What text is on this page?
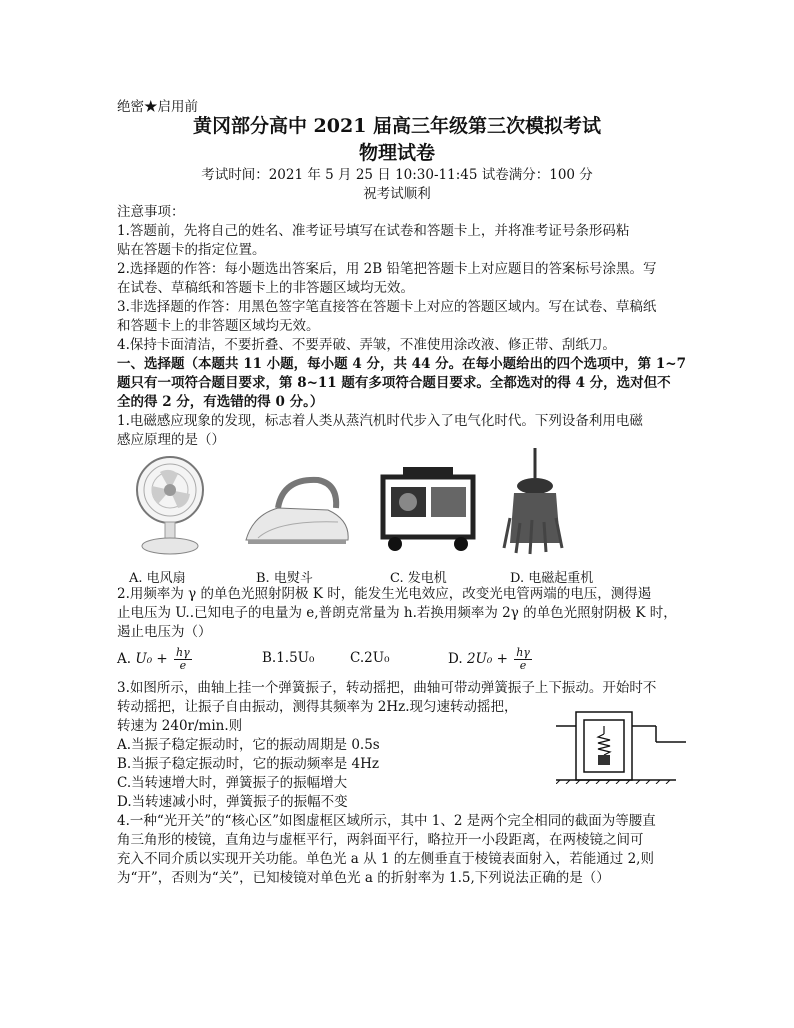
绝密★启用前
黄冈部分高中 2021 届高三年级第三次模拟考试
物理试卷
考试时间：2021 年 5 月 25 日 10:30-11:45 试卷满分：100 分
祝考试顺利
注意事项：
1.答题前，先将自己的姓名、准考证号填写在试卷和答题卡上，并将准考证号条形码粘
贴在答题卡的指定位置。
2.选择题的作答：每小题选出答案后，用 2B 铅笔把答题卡上对应题目的答案标号涂黑。写
在试卷、草稿纸和答题卡上的非答题区域均无效。
3.非选择题的作答：用黑色签字笔直接答在答题卡上对应的答题区域内。写在试卷、草稿纸
和答题卡上的非答题区域均无效。
4.保持卡面清洁，不要折叠、不要弄破、弄皱，不准使用涂改液、修正带、刮纸刀。
一、选择题（本题共 11 小题，每小题 4 分，共 44 分。在每小题给出的四个选项中，第 1~7
题只有一项符合题目要求，第 8~11 题有多项符合题目要求。全都选对的得 4 分，选对但不
全的得 2 分，有选错的得 0 分。）
1.电磁感应现象的发现，标志着人类从蒸汽机时代步入了电气化时代。下列设备利用电磁
感应原理的是（）
A. 电风扇	B. 电熨斗	C. 发电机	D. 电磁起重机
2.用频率为 γ 的单色光照射阴极 K 时，能发生光电效应，改变光电管两端的电压，测得遏
止电压为 U..已知电子的电量为 e,普朗克常量为 h.若换用频率为 2γ 的单色光照射阴极 K 时，
遏止电压为（）
A. $U_0 + \frac{h\gamma}{e}$	B.1.5U₀	C.2U₀	D. $2U_0 + \frac{h\gamma}{e}$
3.如图所示，曲轴上挂一个弹簧振子，转动摇把，曲轴可带动弹簧振子上下振动。开始时不
转动摇把，让振子自由振动，测得其频率为 2Hz.现匀速转动摇把，
转速为 240r/min.则
A.当振子稳定振动时，它的振动周期是 0.5s
B.当振子稳定振动时，它的振动频率是 4Hz
C.当转速增大时，弹簧振子的振幅增大
D.当转速减小时，弹簧振子的振幅不变
4.一种“光开关”的“核心区”如图虚框区域所示，其中 1、2 是两个完全相同的截面为等腰直
角三角形的棱镜，直角边与虚框平行，两斜面平行，略拉开一小段距离，在两棱镜之间可
充入不同介质以实现开关功能。单色光 a 从 1 的左侧垂直于棱镜表面射入，若能通过 2,则
为“开”，否则为“关”，已知棱镜对单色光 a 的折射率为 1.5,下列说法正确的是（）
